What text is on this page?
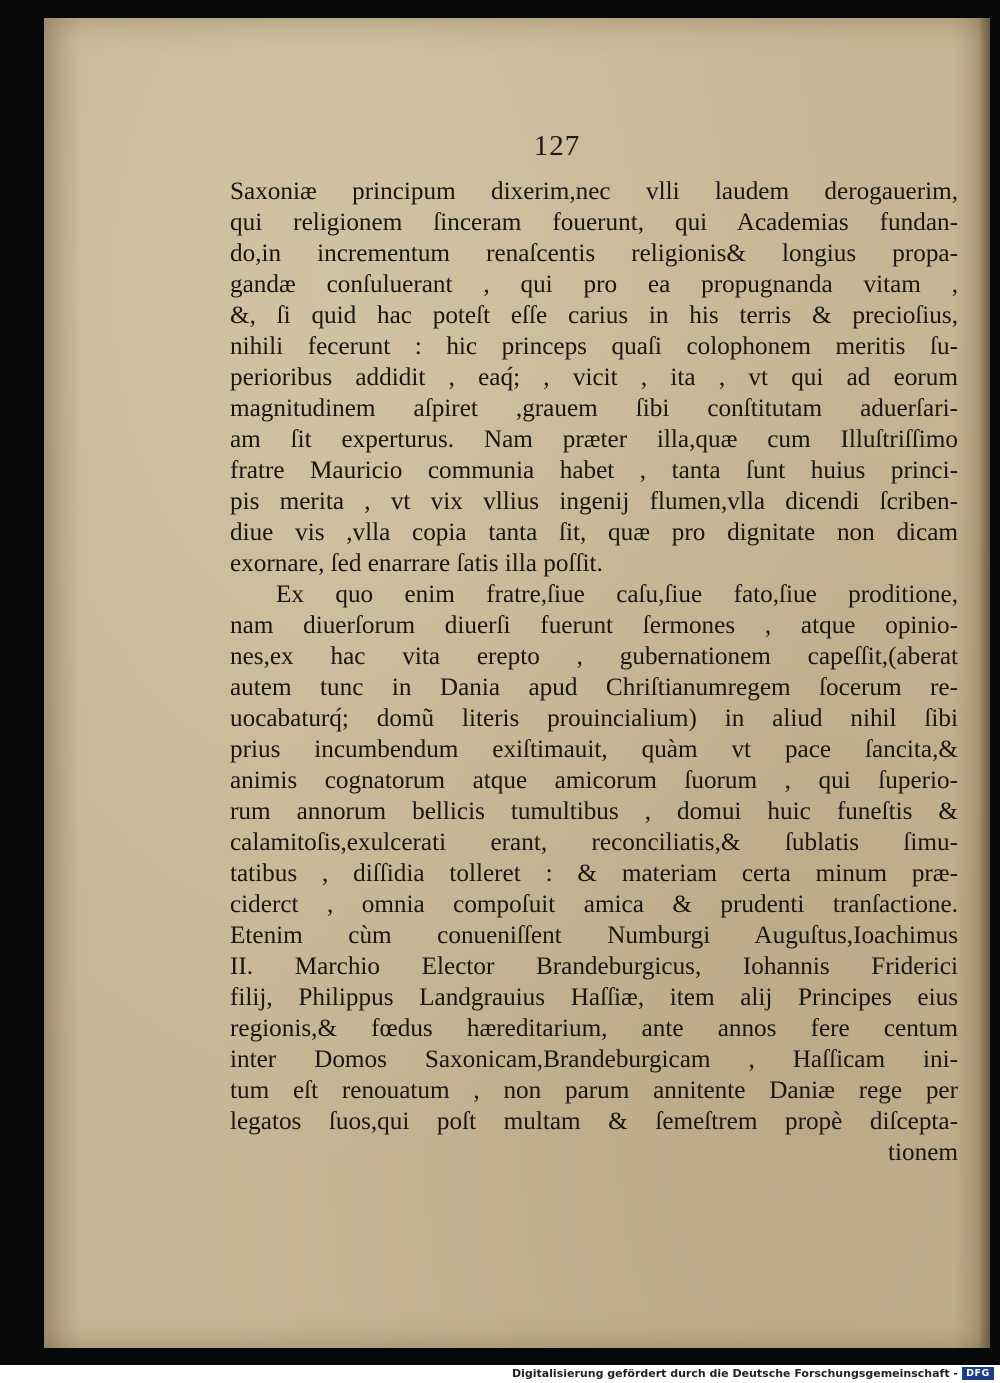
127
Saxoniæ principum dixerim,nec vlli laudem derogauerim,
qui religionem ſinceram fouerunt, qui Academias fundan-
do,in incrementum renaſcentis religionis& longius propa-
gandæ conſuluerant , qui pro ea propugnanda vitam ,
&, ſi quid hac poteſt eſſe carius in his terris & precioſius,
nihili fecerunt : hic princeps quaſi colophonem meritis ſu-
perioribus addidit , eaq́; , vicit , ita , vt qui ad eorum
magnitudinem aſpiret ,grauem ſibi conſtitutam aduerſari-
am ſit experturus. Nam præter illa,quæ cum Illuſtriſſimo
fratre Mauricio communia habet , tanta ſunt huius princi-
pis merita , vt vix vllius ingenij flumen,vlla dicendi ſcriben-
diue vis ,vlla copia tanta ſit, quæ pro dignitate non dicam
exornare, ſed enarrare ſatis illa poſſit.
Ex quo enim fratre,ſiue caſu,ſiue fato,ſiue proditione,
nam diuerſorum diuerſi fuerunt ſermones , atque opinio-
nes,ex hac vita erepto , gubernationem capeſſit,(aberat
autem tunc in Dania apud Chriſtianumregem ſocerum re-
uocabaturq́; domũ literis prouincialium) in aliud nihil ſibi
prius incumbendum exiſtimauit, quàm vt pace ſancita,&
animis cognatorum atque amicorum ſuorum , qui ſuperio-
rum annorum bellicis tumultibus , domui huic funeſtis &
calamitoſis,exulcerati erant, reconciliatis,& ſublatis ſimu-
tatibus , diſſidia tolleret : & materiam certa minum præ-
ciderct , omnia compoſuit amica & prudenti tranſactione.
Etenim cùm conueniſſent Numburgi Auguſtus,Ioachimus
II. Marchio Elector Brandeburgicus, Iohannis Friderici
filij, Philippus Landgrauius Haſſiæ, item alij Principes eius
regionis,& fœdus hæreditarium, ante annos fere centum
inter Domos Saxonicam,Brandeburgicam , Haſſicam ini-
tum eſt renouatum , non parum annitente Daniæ rege per
legatos ſuos,qui poſt multam & ſemeſtrem propè diſcepta-
tionem
Digitalisierung gefördert durch die Deutsche Forschungsgemeinschaft - DFG
